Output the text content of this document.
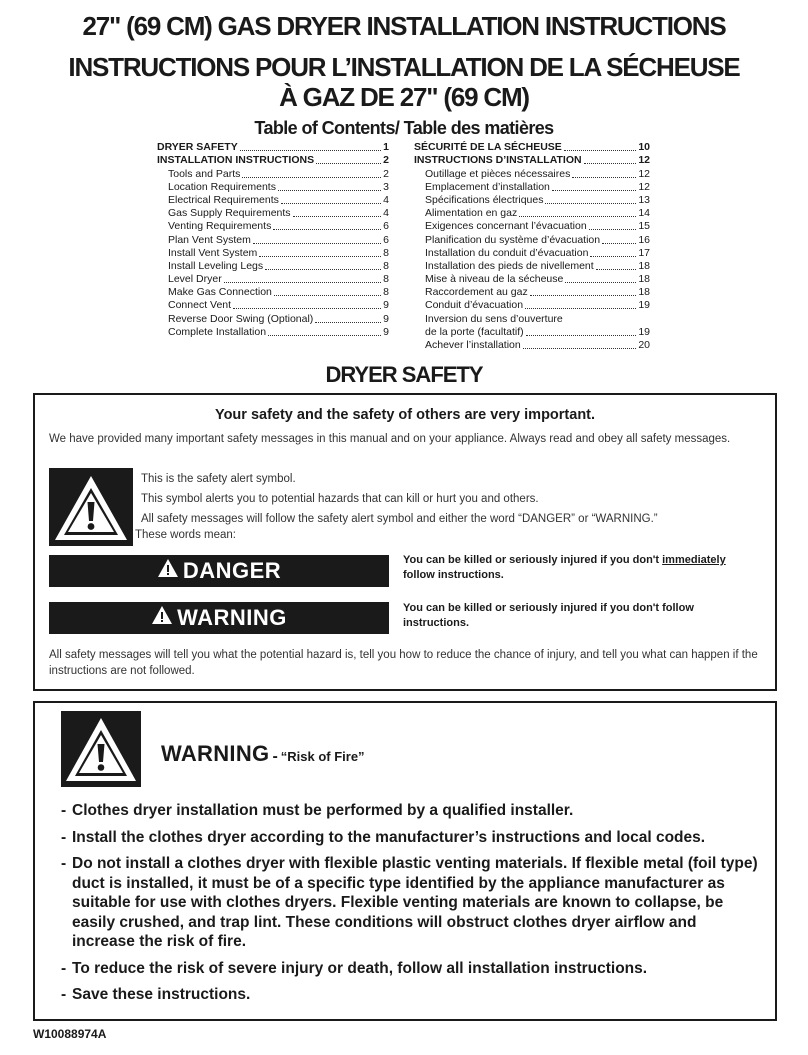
27" (69 CM) GAS DRYER INSTALLATION INSTRUCTIONS
INSTRUCTIONS POUR L’INSTALLATION DE LA SÉCHEUSE
À GAZ DE 27" (69 CM)
Table of Contents/ Table des matières
DRYER SAFETY	1
INSTALLATION INSTRUCTIONS	2
Tools and Parts	2
Location Requirements	3
Electrical Requirements	4
Gas Supply Requirements	4
Venting Requirements	6
Plan Vent System	6
Install Vent System	8
Install Leveling Legs	8
Level Dryer	8
Make Gas Connection	8
Connect Vent	9
Reverse Door Swing (Optional)	9
Complete Installation	9
SÉCURITÉ DE LA SÉCHEUSE	10
INSTRUCTIONS D’INSTALLATION	12
Outillage et pièces nécessaires	12
Emplacement d’installation	12
Spécifications électriques	13
Alimentation en gaz	14
Exigences concernant l’évacuation	15
Planification du système d’évacuation	16
Installation du conduit d’évacuation	17
Installation des pieds de nivellement	18
Mise à niveau de la sécheuse	18
Raccordement au gaz	18
Conduit d’évacuation	19
Inversion du sens d’ouverture
de la porte (facultatif)	19
Achever l’installation	20
DRYER SAFETY
Your safety and the safety of others are very important.
We have provided many important safety messages in this manual and on your appliance. Always read and obey all safety messages.
This is the safety alert symbol.
This symbol alerts you to potential hazards that can kill or hurt you and others.
All safety messages will follow the safety alert symbol and either the word “DANGER” or “WARNING.”
These words mean:
DANGER	You can be killed or seriously injured if you don't immediately
follow instructions.
WARNING	You can be killed or seriously injured if you don't follow instructions.
All safety messages will tell you what the potential hazard is, tell you how to reduce the chance of injury, and tell you what can happen if the instructions are not followed.
WARNING - “Risk of Fire”
- Clothes dryer installation must be performed by a qualified installer.
- Install the clothes dryer according to the manufacturer’s instructions and local codes.
- Do not install a clothes dryer with flexible plastic venting materials. If flexible metal (foil type) duct is installed, it must be of a specific type identified by the appliance manufacturer as suitable for use with clothes dryers. Flexible venting materials are known to collapse, be easily crushed, and trap lint. These conditions will obstruct clothes dryer airflow and increase the risk of fire.
- To reduce the risk of severe injury or death, follow all installation instructions.
- Save these instructions.
W10088974A
